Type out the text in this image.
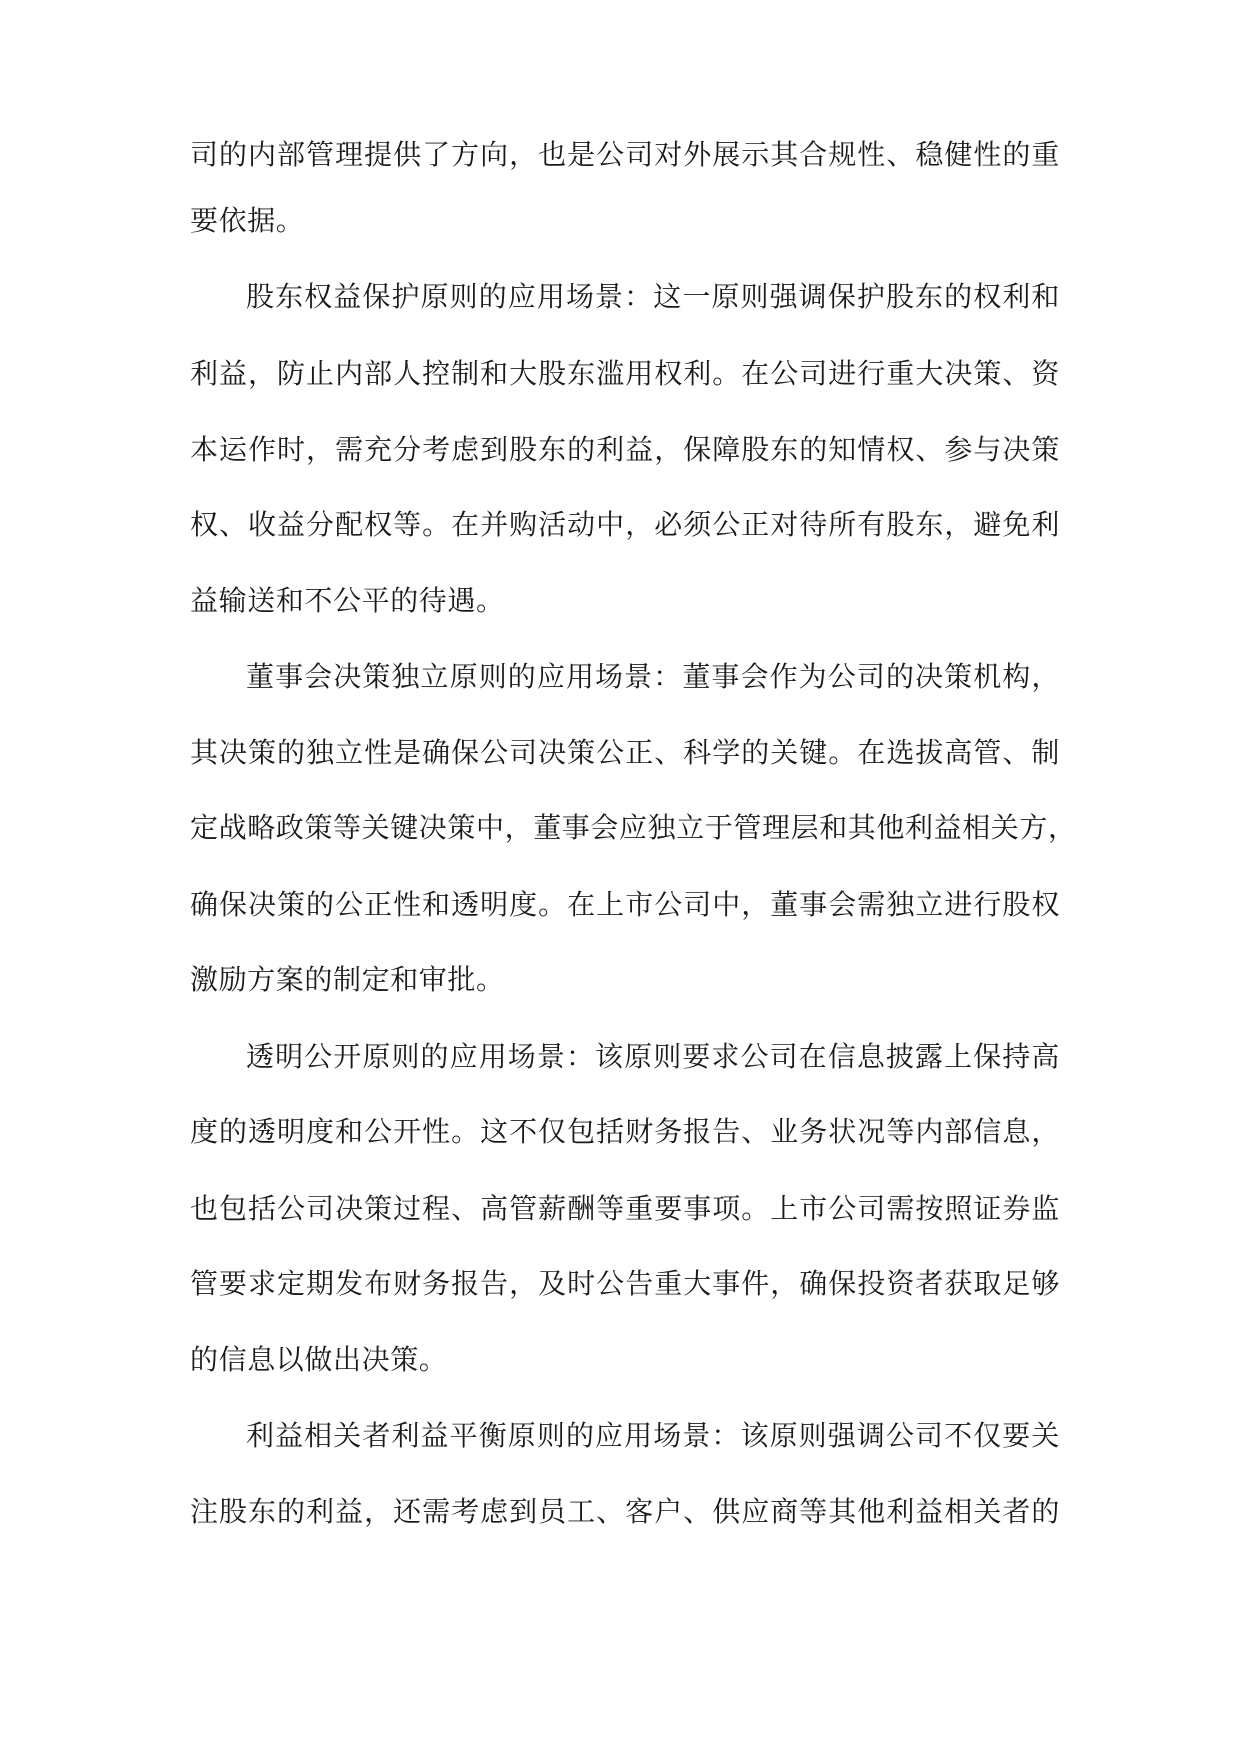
司的内部管理提供了方向，也是公司对外展示其合规性、稳健性的重
要依据。
股东权益保护原则的应用场景：这一原则强调保护股东的权利和
利益，防止内部人控制和大股东滥用权利。在公司进行重大决策、资
本运作时，需充分考虑到股东的利益，保障股东的知情权、参与决策
权、收益分配权等。在并购活动中，必须公正对待所有股东，避免利
益输送和不公平的待遇。
董事会决策独立原则的应用场景：董事会作为公司的决策机构，
其决策的独立性是确保公司决策公正、科学的关键。在选拔高管、制
定战略政策等关键决策中，董事会应独立于管理层和其他利益相关方，
确保决策的公正性和透明度。在上市公司中，董事会需独立进行股权
激励方案的制定和审批。
透明公开原则的应用场景：该原则要求公司在信息披露上保持高
度的透明度和公开性。这不仅包括财务报告、业务状况等内部信息，
也包括公司决策过程、高管薪酬等重要事项。上市公司需按照证券监
管要求定期发布财务报告，及时公告重大事件，确保投资者获取足够
的信息以做出决策。
利益相关者利益平衡原则的应用场景：该原则强调公司不仅要关
注股东的利益，还需考虑到员工、客户、供应商等其他利益相关者的
